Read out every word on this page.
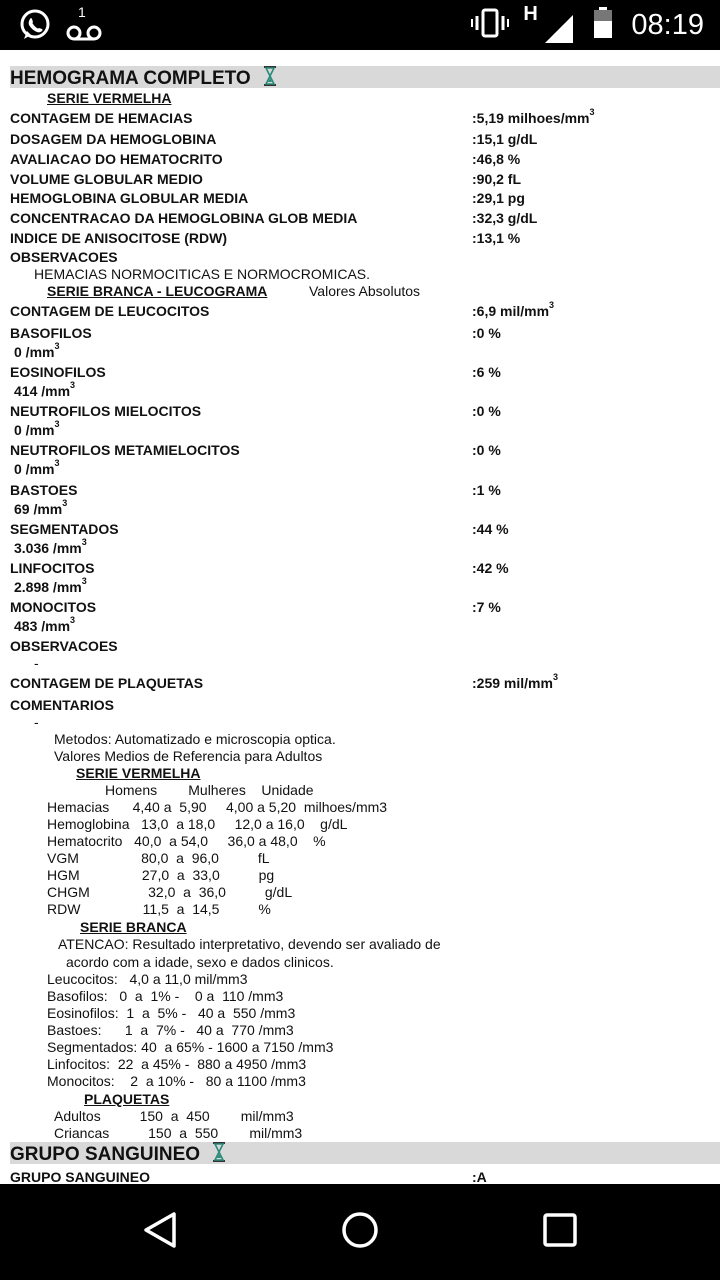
1	H	08:19
HEMOGRAMA COMPLETO
SERIE VERMELHA
CONTAGEM DE HEMACIAS	:5,19 milhoes/$mm^3$
DOSAGEM DA HEMOGLOBINA	:15,1 g/dL
AVALIACAO DO HEMATOCRITO	:46,8 %
VOLUME GLOBULAR MEDIO	:90,2 fL
HEMOGLOBINA GLOBULAR MEDIA	:29,1 pg
CONCENTRACAO DA HEMOGLOBINA GLOB MEDIA	:32,3 g/dL
INDICE DE ANISOCITOSE (RDW)	:13,1 %
OBSERVACOES
HEMACIAS NORMOCITICAS E NORMOCROMICAS.
SERIE BRANCA - LEUCOGRAMA	Valores Absolutos
CONTAGEM DE LEUCOCITOS	:6,9 mil/$mm^3$
BASOFILOS	:0 %
0 $/mm^3$
EOSINOFILOS	:6 %
414 $/mm^3$
NEUTROFILOS MIELOCITOS	:0 %
0 $/mm^3$
NEUTROFILOS METAMIELOCITOS	:0 %
0 $/mm^3$
BASTOES	:1 %
69 $/mm^3$
SEGMENTADOS	:44 %
3.036 $/mm^3$
LINFOCITOS	:42 %
2.898 $/mm^3$
MONOCITOS	:7 %
483 $/mm^3$
OBSERVACOES
-
CONTAGEM DE PLAQUETAS	:259 mil/$mm^3$
COMENTARIOS
-
Metodos: Automatizado e microscopia optica.
Valores Medios de Referencia para Adultos
SERIE VERMELHA
Homens        Mulheres    Unidade
Hemacias      4,40 a  5,90     4,00 a 5,20  milhoes/mm3
Hemoglobina   13,0  a 18,0     12,0 a 16,0    g/dL
Hematocrito   40,0  a 54,0     36,0 a 48,0    %
VGM                80,0  a  96,0          fL
HGM                27,0  a  33,0          pg
CHGM               32,0  a  36,0          g/dL
RDW                11,5  a  14,5          %
SERIE BRANCA
ATENCAO: Resultado interpretativo, devendo ser avaliado de
acordo com a idade, sexo e dados clinicos.
Leucocitos:   4,0 a 11,0 mil/mm3
Basofilos:   0  a  1% -    0 a  110 /mm3
Eosinofilos:  1  a  5% -   40 a  550 /mm3
Bastoes:      1  a  7% -   40 a  770 /mm3
Segmentados: 40  a 65% - 1600 a 7150 /mm3
Linfocitos:  22  a 45% -  880 a 4950 /mm3
Monocitos:    2  a 10% -   80 a 1100 /mm3
PLAQUETAS
Adultos          150  a  450        mil/mm3
Criancas          150  a  550        mil/mm3
GRUPO SANGUINEO
GRUPO SANGUINEO	:A
